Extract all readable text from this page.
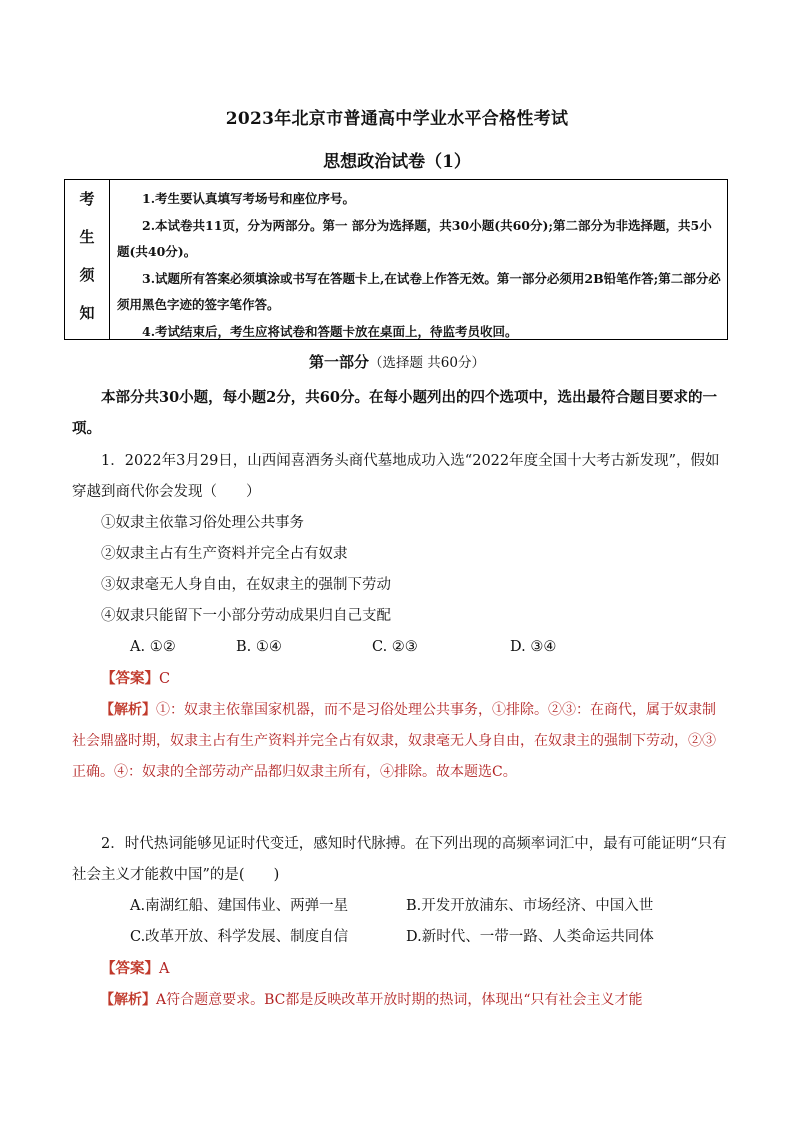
2023年北京市普通高中学业水平合格性考试
思想政治试卷（1）
考
生
须
知

1.考生要认真填写考场号和座位序号。

2.本试卷共11页，分为两部分。第一 部分为选择题，共30小题(共60分);第二部分为非选择题，共5小题(共40分)。

3.试题所有答案必须填涂或书写在答题卡上,在试卷上作答无效。第一部分必须用2B铅笔作答;第二部分必须用黑色字迹的签字笔作答。

4.考试结束后，考生应将试卷和答题卡放在桌面上，待监考员收回。

第一部分（选择题 共60分）

本部分共30小题，每小题2分，共60分。在每小题列出的四个选项中，选出最符合题目要求的一项。

1．2022年3月29日，山西闻喜酒务头商代墓地成功入选“2022年度全国十大考古新发现”，假如穿越到商代你会发现（　　）

①奴隶主依靠习俗处理公共事务

②奴隶主占有生产资料并完全占有奴隶

③奴隶毫无人身自由，在奴隶主的强制下劳动

④奴隶只能留下一小部分劳动成果归自己支配

A. ①②	B. ①④	C. ②③	D. ③④

【答案】C

【解析】①：奴隶主依靠国家机器，而不是习俗处理公共事务，①排除。②③：在商代，属于奴隶制社会鼎盛时期，奴隶主占有生产资料并完全占有奴隶，奴隶毫无人身自由，在奴隶主的强制下劳动，②③正确。④：奴隶的全部劳动产品都归奴隶主所有，④排除。故本题选C。

2．时代热词能够见证时代变迁，感知时代脉搏。在下列出现的高频率词汇中，最有可能证明“只有社会主义才能救中国”的是(　　)

A.南湖红船、建国伟业、两弹一星	B.开发开放浦东、市场经济、中国入世

C.改革开放、科学发展、制度自信	D.新时代、一带一路、人类命运共同体

【答案】A

【解析】A符合题意要求。BC都是反映改革开放时期的热词，体现出“只有社会主义才能
